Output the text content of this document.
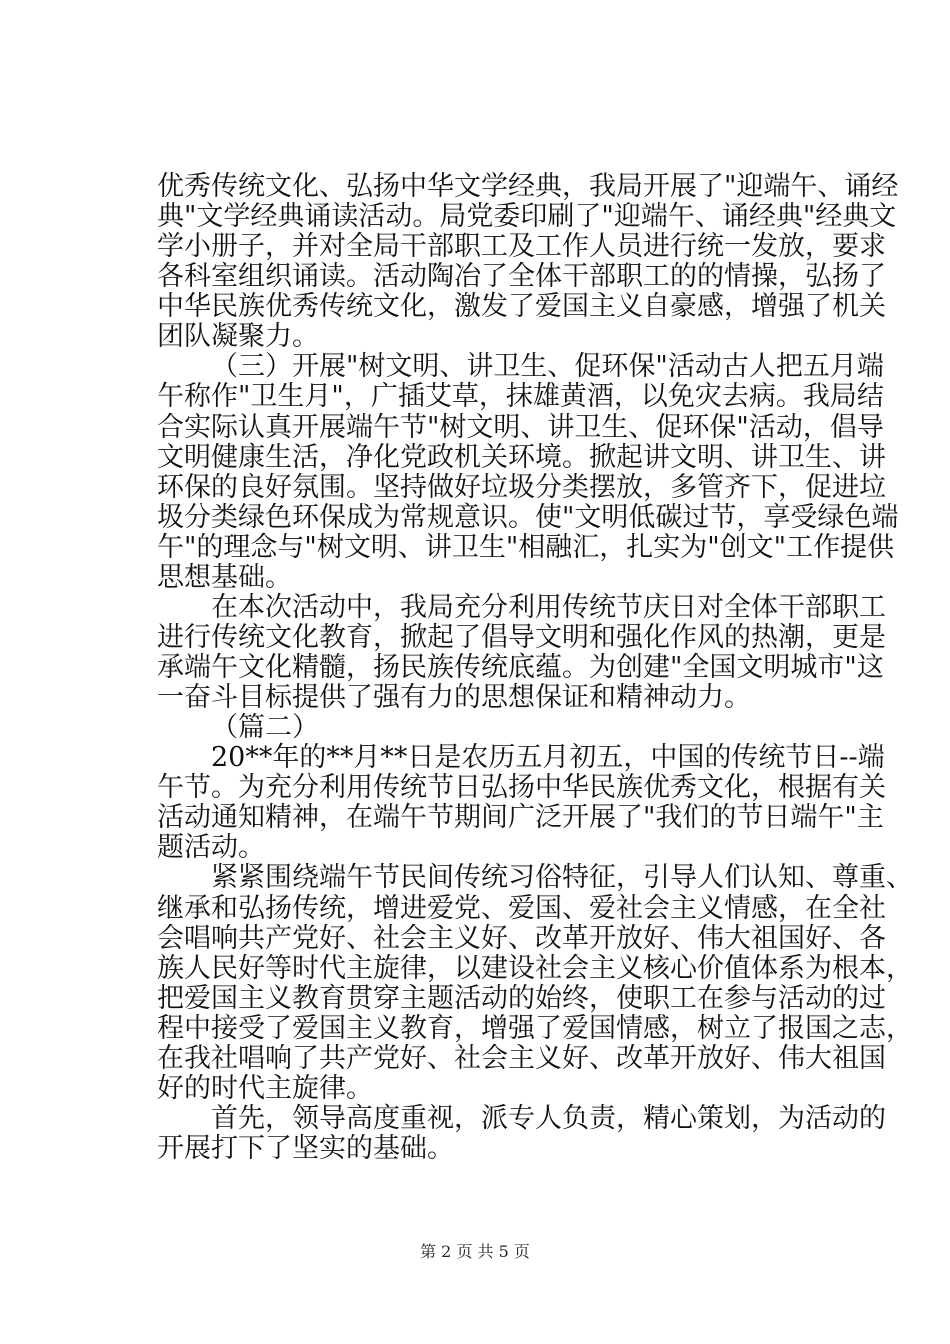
优秀传统文化、弘扬中华文学经典，我局开展了"迎端午、诵经
典"文学经典诵读活动。局党委印刷了"迎端午、诵经典"经典文
学小册子，并对全局干部职工及工作人员进行统一发放，要求
各科室组织诵读。活动陶冶了全体干部职工的的情操，弘扬了
中华民族优秀传统文化，激发了爱国主义自豪感，增强了机关
团队凝聚力。
（三）开展"树文明、讲卫生、促环保"活动古人把五月端
午称作"卫生月"，广插艾草，抹雄黄酒，以免灾去病。我局结
合实际认真开展端午节"树文明、讲卫生、促环保"活动，倡导
文明健康生活，净化党政机关环境。掀起讲文明、讲卫生、讲
环保的良好氛围。坚持做好垃圾分类摆放，多管齐下，促进垃
圾分类绿色环保成为常规意识。使"文明低碳过节，享受绿色端
午"的理念与"树文明、讲卫生"相融汇，扎实为"创文"工作提供
思想基础。
在本次活动中，我局充分利用传统节庆日对全体干部职工
进行传统文化教育，掀起了倡导文明和强化作风的热潮，更是
承端午文化精髓，扬民族传统底蕴。为创建"全国文明城市"这
一奋斗目标提供了强有力的思想保证和精神动力。
（篇二）
20**年的**月**日是农历五月初五，中国的传统节日--端
午节。为充分利用传统节日弘扬中华民族优秀文化，根据有关
活动通知精神，在端午节期间广泛开展了"我们的节日端午"主
题活动。
紧紧围绕端午节民间传统习俗特征，引导人们认知、尊重、
继承和弘扬传统，增进爱党、爱国、爱社会主义情感，在全社
会唱响共产党好、社会主义好、改革开放好、伟大祖国好、各
族人民好等时代主旋律，以建设社会主义核心价值体系为根本，
把爱国主义教育贯穿主题活动的始终，使职工在参与活动的过
程中接受了爱国主义教育，增强了爱国情感，树立了报国之志，
在我社唱响了共产党好、社会主义好、改革开放好、伟大祖国
好的时代主旋律。
首先，领导高度重视，派专人负责，精心策划，为活动的
开展打下了坚实的基础。
第 2 页 共 5 页
